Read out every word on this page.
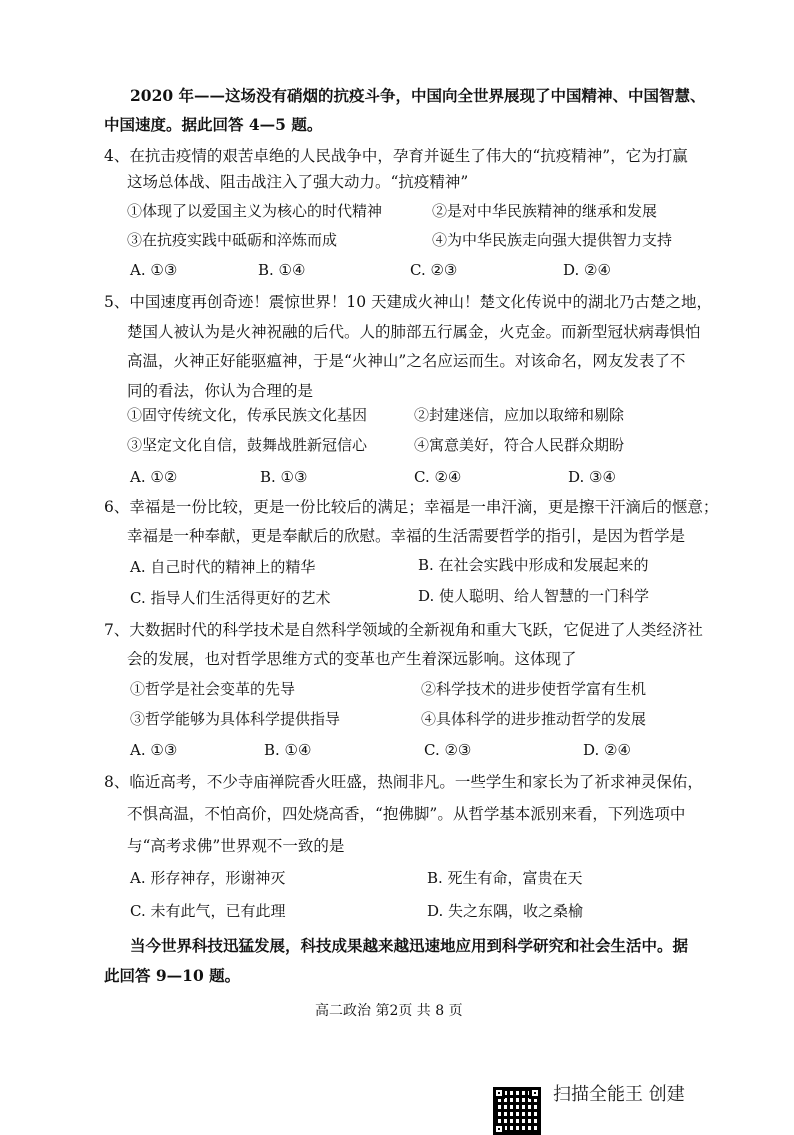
2020 年——这场没有硝烟的抗疫斗争，中国向全世界展现了中国精神、中国智慧、
中国速度。据此回答 4—5 题。
4、在抗击疫情的艰苦卓绝的人民战争中，孕育并诞生了伟大的“抗疫精神”，它为打赢
这场总体战、阻击战注入了强大动力。“抗疫精神”
①体现了以爱国主义为核心的时代精神	②是对中华民族精神的继承和发展
③在抗疫实践中砥砺和淬炼而成	④为中华民族走向强大提供智力支持
A. ①③	B. ①④	C. ②③	D. ②④
5、中国速度再创奇迹！震惊世界！10 天建成火神山！楚文化传说中的湖北乃古楚之地，
楚国人被认为是火神祝融的后代。人的肺部五行属金，火克金。而新型冠状病毒惧怕
高温，火神正好能驱瘟神，于是“火神山”之名应运而生。对该命名，网友发表了不
同的看法，你认为合理的是
①固守传统文化，传承民族文化基因	②封建迷信，应加以取缔和剔除
③坚定文化自信，鼓舞战胜新冠信心	④寓意美好，符合人民群众期盼
A. ①②	B. ①③	C. ②④	D. ③④
6、幸福是一份比较，更是一份比较后的满足；幸福是一串汗滴，更是擦干汗滴后的惬意；
幸福是一种奉献，更是奉献后的欣慰。幸福的生活需要哲学的指引，是因为哲学是
A. 自己时代的精神上的精华	B. 在社会实践中形成和发展起来的
C. 指导人们生活得更好的艺术	D. 使人聪明、给人智慧的一门科学
7、大数据时代的科学技术是自然科学领域的全新视角和重大飞跃，它促进了人类经济社
会的发展，也对哲学思维方式的变革也产生着深远影响。这体现了
①哲学是社会变革的先导	②科学技术的进步使哲学富有生机
③哲学能够为具体科学提供指导	④具体科学的进步推动哲学的发展
A. ①③	B. ①④	C. ②③	D. ②④
8、临近高考，不少寺庙禅院香火旺盛，热闹非凡。一些学生和家长为了祈求神灵保佑，
不惧高温，不怕高价，四处烧高香，“抱佛脚”。从哲学基本派别来看，下列选项中
与“高考求佛”世界观不一致的是
A. 形存神存，形谢神灭	B. 死生有命，富贵在天
C. 未有此气，已有此理	D. 失之东隅，收之桑榆
当今世界科技迅猛发展，科技成果越来越迅速地应用到科学研究和社会生活中。据
此回答 9—10 题。
高二政治 第2页 共 8 页
扫描全能王 创建
